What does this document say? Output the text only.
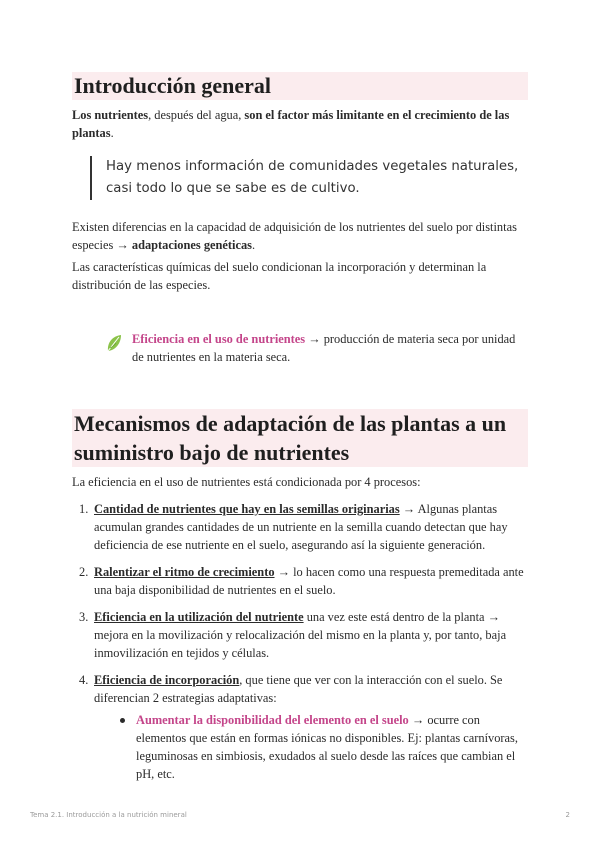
Introducción general

Los nutrientes, después del agua, son el factor más limitante en el crecimiento de las plantas.

Hay menos información de comunidades vegetales naturales, casi todo lo que se sabe es de cultivo.

Existen diferencias en la capacidad de adquisición de los nutrientes del suelo por distintas especies → adaptaciones genéticas.

Las características químicas del suelo condicionan la incorporación y determinan la distribución de las especies.

Eficiencia en el uso de nutrientes → producción de materia seca por unidad de nutrientes en la materia seca.
Mecanismos de adaptación de las plantas a un suministro bajo de nutrientes

La eficiencia en el uso de nutrientes está condicionada por 4 procesos:

1. Cantidad de nutrientes que hay en las semillas originarias → Algunas plantas acumulan grandes cantidades de un nutriente en la semilla cuando detectan que hay deficiencia de ese nutriente en el suelo, asegurando así la siguiente generación.
2. Ralentizar el ritmo de crecimiento → lo hacen como una respuesta premeditada ante una baja disponibilidad de nutrientes en el suelo.
3. Eficiencia en la utilización del nutriente una vez este está dentro de la planta → mejora en la movilización y relocalización del mismo en la planta y, por tanto, baja inmovilización en tejidos y células.
4. Eficiencia de incorporación, que tiene que ver con la interacción con el suelo. Se diferencian 2 estrategias adaptativas:
Aumentar la disponibilidad del elemento en el suelo → ocurre con elementos que están en formas iónicas no disponibles. Ej: plantas carnívoras, leguminosas en simbiosis, exudados al suelo desde las raíces que cambian el pH, etc.
Tema 2.1. Introducción a la nutrición mineral	2
